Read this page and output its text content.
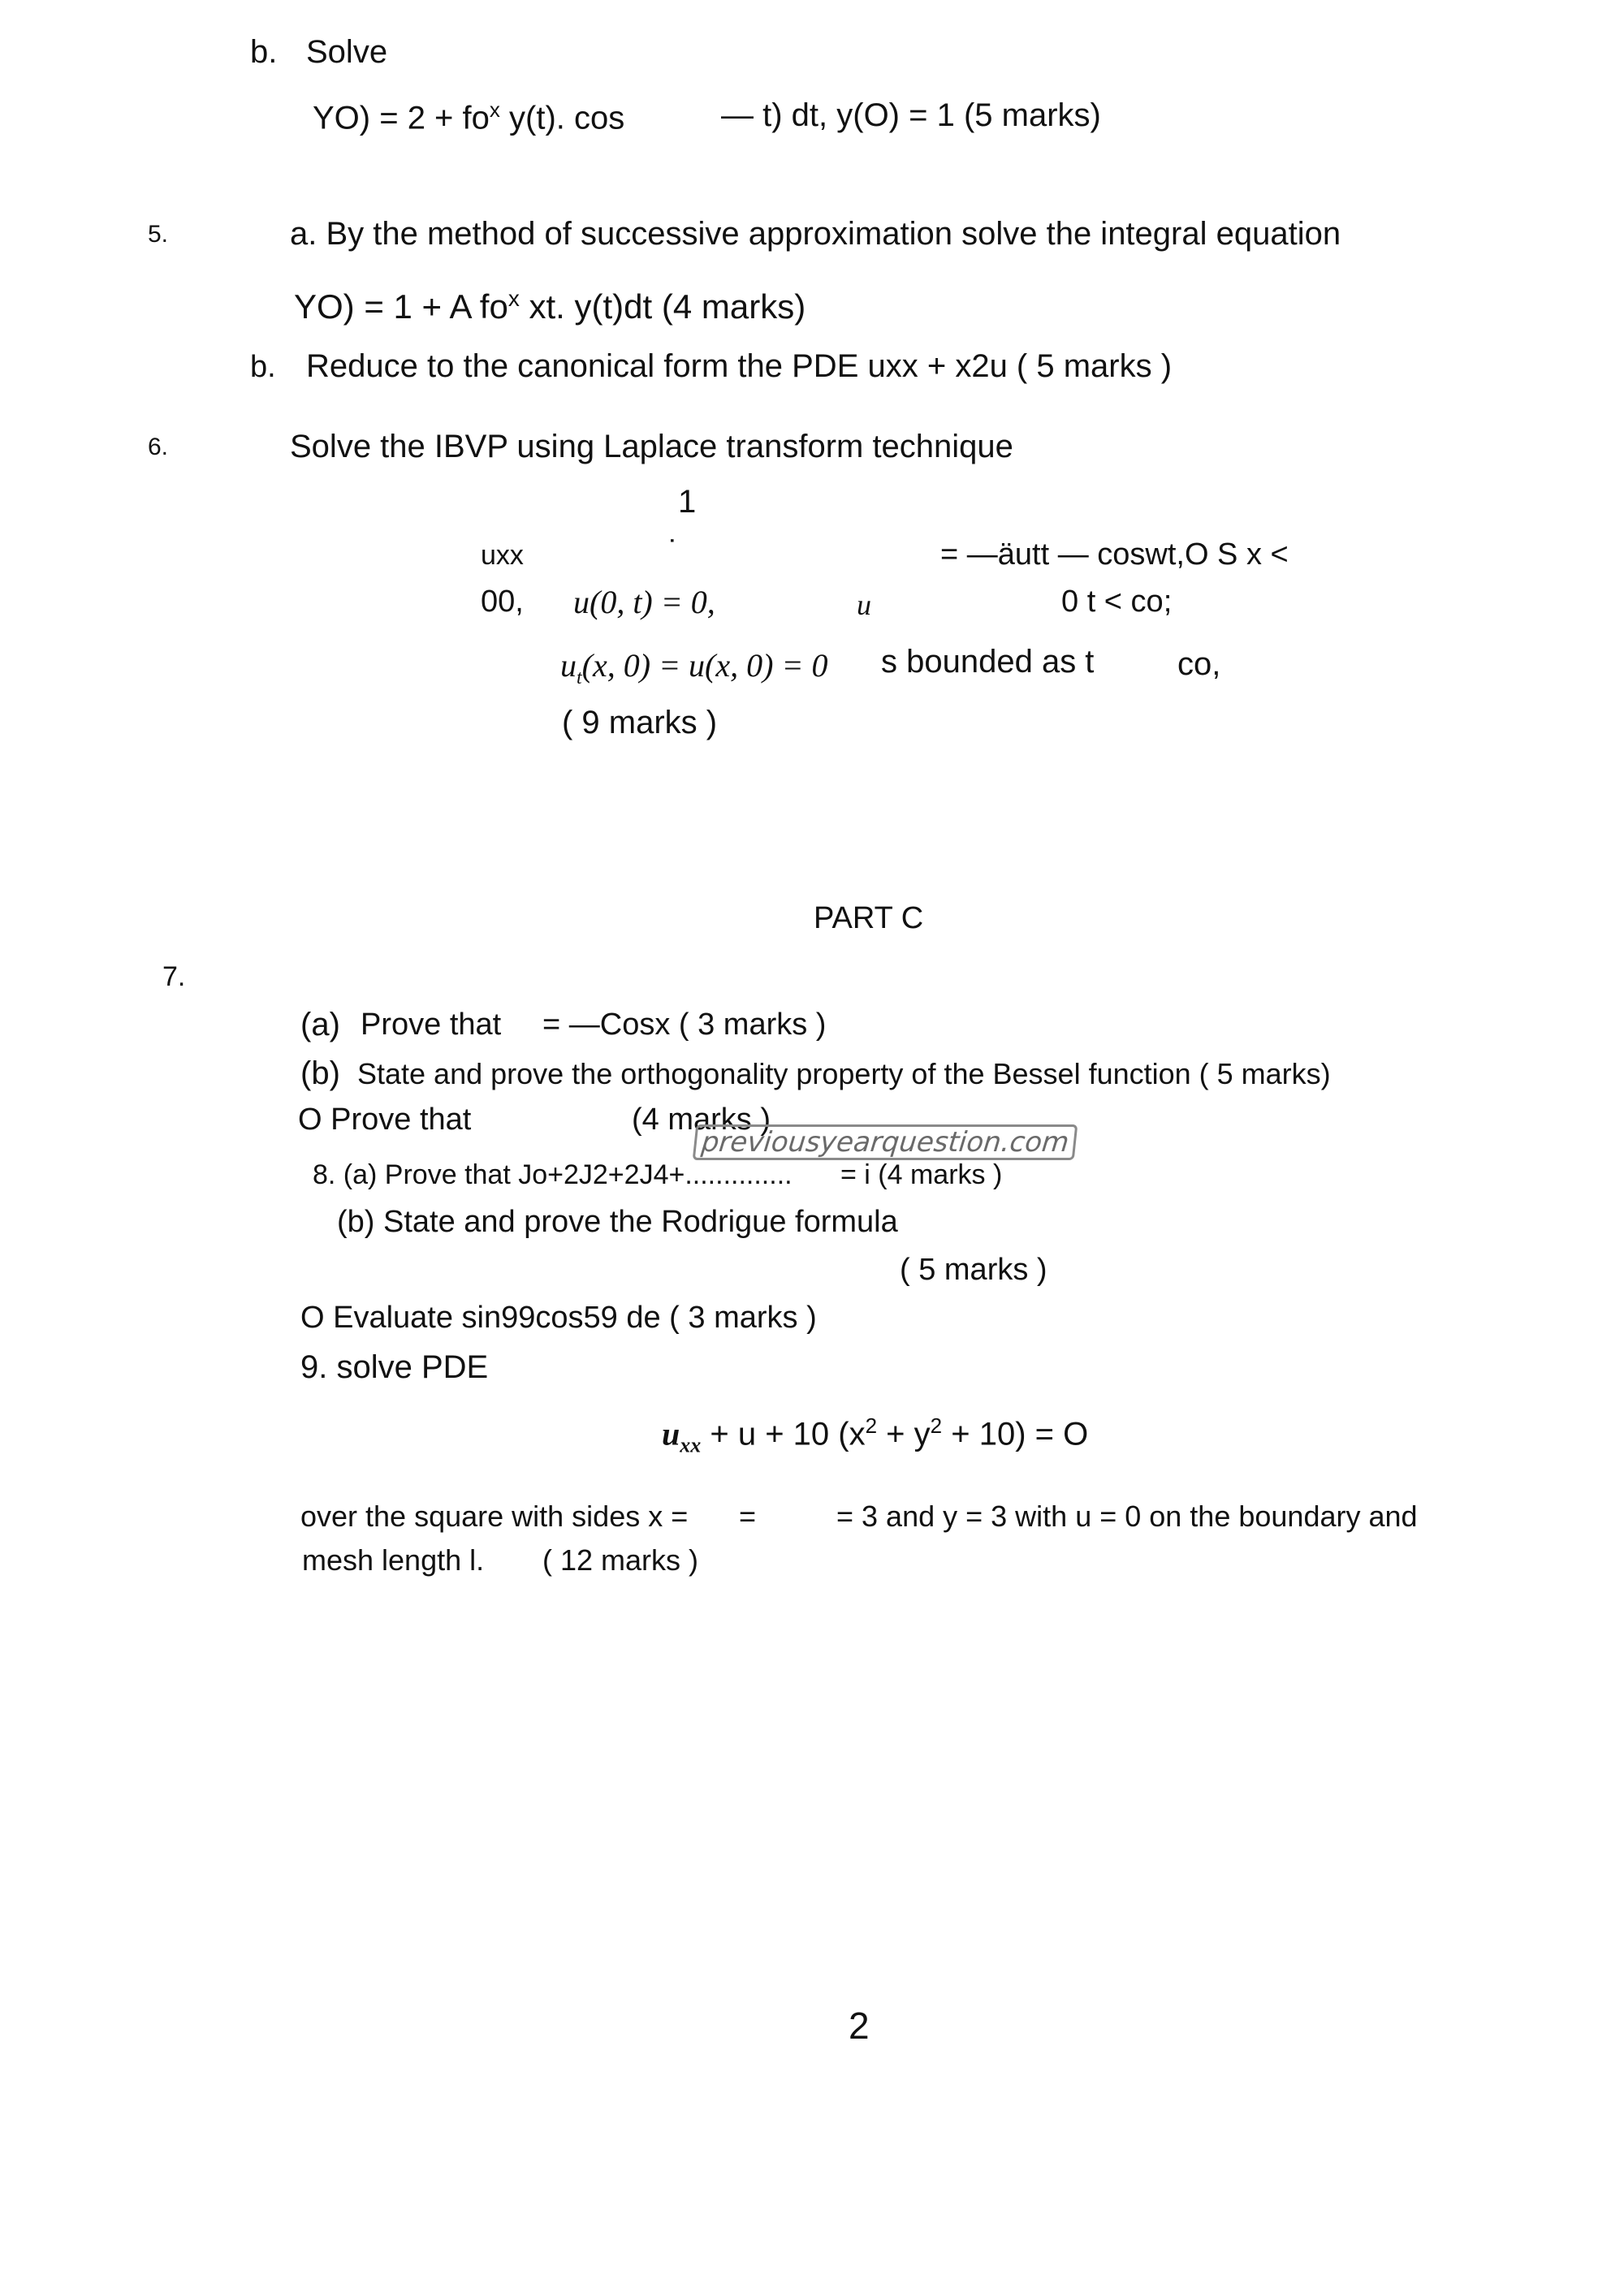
b. Solve
$YO) = 2 + fo^x$ y(t). cos	— t) dt, y(O) = 1 (5 marks)
5.	a. By the method of successive approximation solve the integral equation
YO) = 1 + A $fo^x$ xt. y(t)dt (4 marks)
b. Reduce to the canonical form the PDE uxx + x2u ( 5 marks )
6.	Solve the IBVP using Laplace transform technique
1
uxx	˙	= —äutt — coswt,O S x <
00, u(0, t) = 0,	u	0 t < co;
$u_t(x$, 0) = u(x, 0) = 0 s bounded as t	co,
( 9 marks )
PART C
7.
(a) Prove that = —Cosx ( 3 marks )
(b) State and prove the orthogonality property of the Bessel function ( 5 marks)
O Prove that	(4 marks )
previousyearquestion.com
8. (a) Prove that Jo+2J2+2J4+.............. = i (4 marks )
(b) State and prove the Rodrigue formula
( 5 marks )
O Evaluate sin99cos59 de ( 3 marks )
9. solve PDE
$u_{xx} + u + 10$ $(x^2 + y^2 + 10) = O$
over the square with sides x = =	= 3 and y = 3 with u = 0 on the boundary and
mesh length l. ( 12 marks )
2
